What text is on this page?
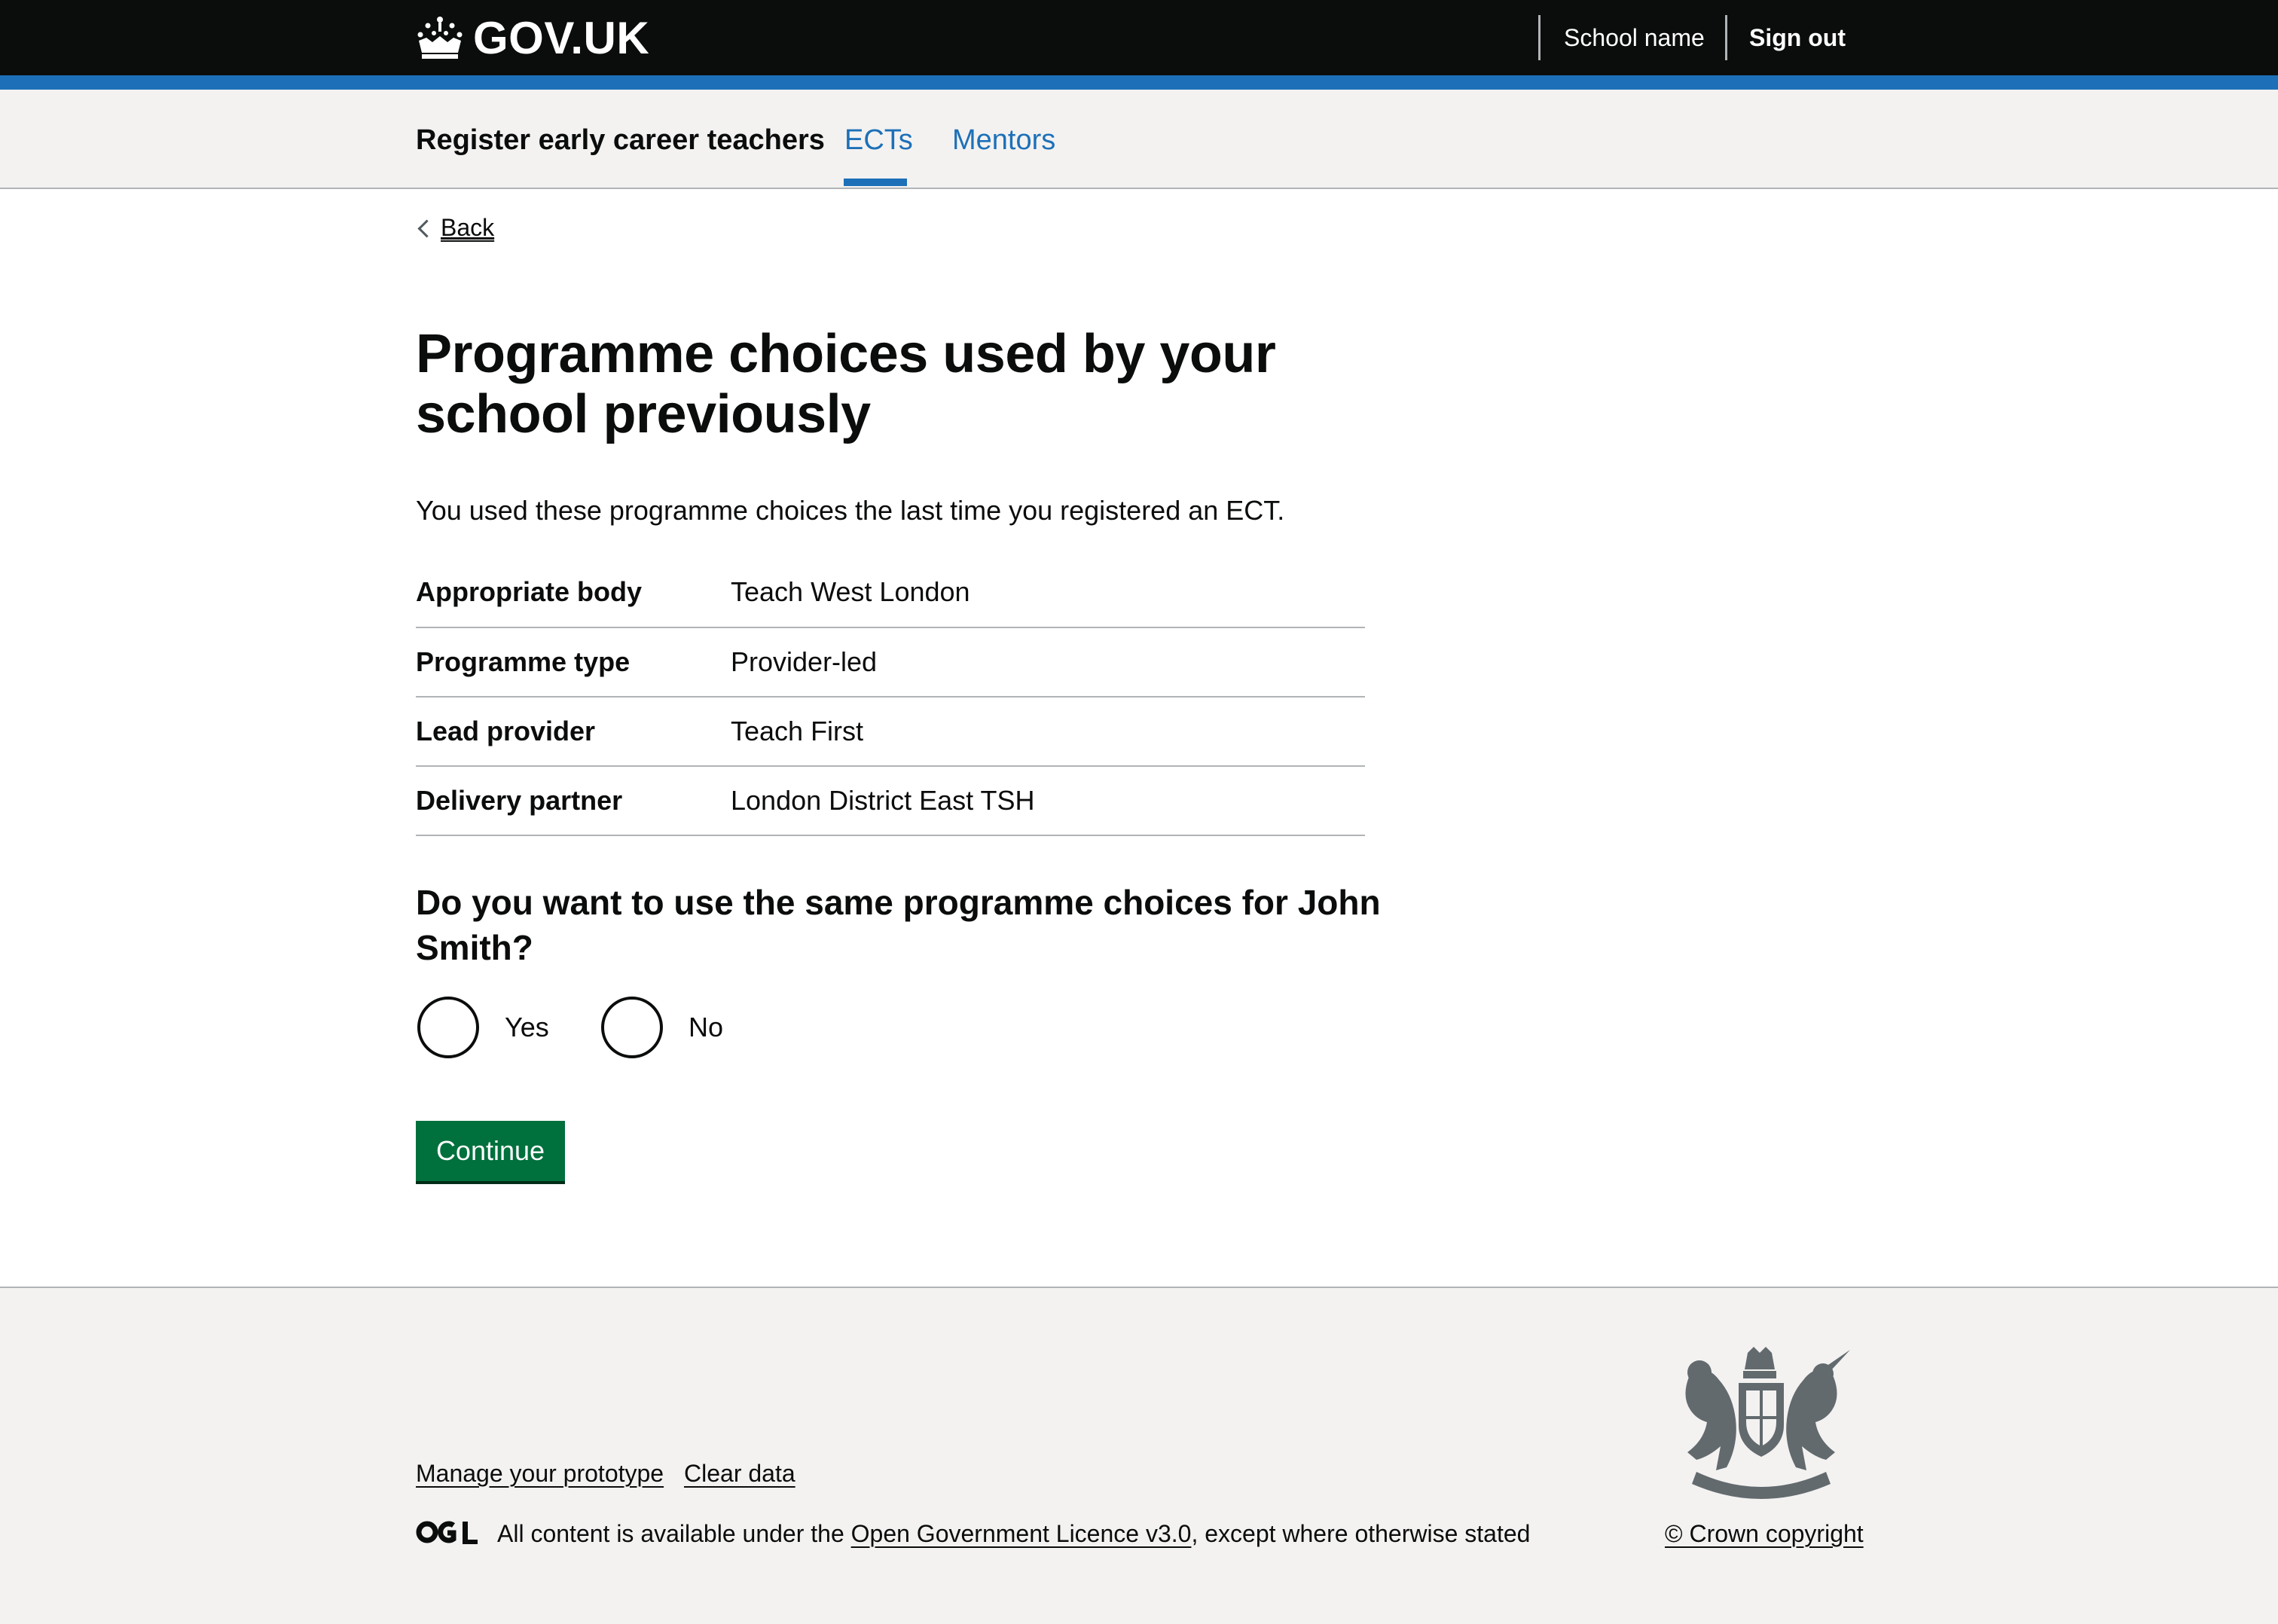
GOV.UK	School name Sign out
Register early career teachers ECTs Mentors
Back
Programme choices used by your school previously

You used these programme choices the last time you registered an ECT.

Appropriate body	Teach West London
Programme type	Provider-led
Lead provider	Teach First
Delivery partner	London District East TSH
Do you want to use the same programme choices for John Smith?
Yes	No
Continue
Manage your prototype Clear data
All content is available under the Open Government Licence v3.0, except where otherwise stated	© Crown copyright
